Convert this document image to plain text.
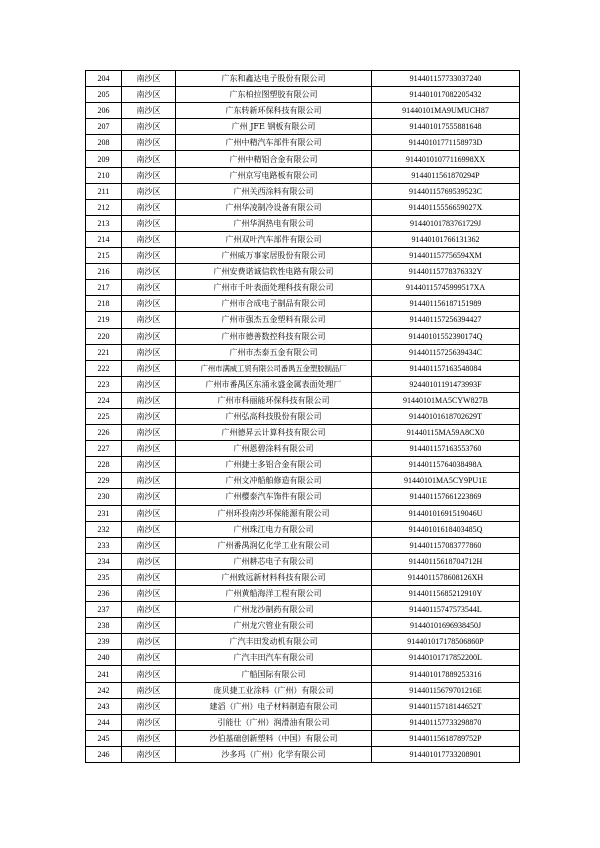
204	南沙区	广东和鑫达电子股份有限公司	914401157733037240
205	南沙区	广东柏拉图塑胶有限公司	914401017082205432
206	南沙区	广东转新环保科技有限公司	91440101MA9UMUCH87
207	南沙区	广州 JFE 钢板有限公司	914401017555881648
208	南沙区	广州中精汽车部件有限公司	91440101771158973D
209	南沙区	广州中精铝合金有限公司	91440101077116998XX
210	南沙区	广州京写电路板有限公司	9144011561870294P
211	南沙区	广州关西涂料有限公司	91440115769539523C
212	南沙区	广州华凌制冷设备有限公司	91440115556659027X
213	南沙区	广州华润热电有限公司	91440101783761729J
214	南沙区	广州双叶汽车部件有限公司	91440101766131362
215	南沙区	广州威万事家居股份有限公司	914401157756594XM
216	南沙区	广州安费诺诚信软性电路有限公司	91440115778376332Y
217	南沙区	广州市千叶表面处理科技有限公司	91440115745999517XA
218	南沙区	广州市合成电子制品有限公司	914401156187151989
219	南沙区	广州市强杰五金塑料有限公司	914401157256394427
220	南沙区	广州市德善数控科技有限公司	91440101552390174Q
221	南沙区	广州市杰泰五金有限公司	91440115725639434C
222	南沙区	广州市满威工贸有限公司番禺五金塑胶制品厂	914401157163548084
223	南沙区	广州市番禺区东涌永盛金属表面处理厂	92440101191473993F
224	南沙区	广州市科丽能环保科技有限公司	91440101MA5CYW827B
225	南沙区	广州弘高科技股份有限公司	91440101618702629T
226	南沙区	广州德昇云计算科技有限公司	91440115MA59A8CX0
227	南沙区	广州恩碧涂料有限公司	914401157163553760
228	南沙区	广州捷士多铝合金有限公司	91440115764038498A
229	南沙区	广州文冲船舶修造有限公司	91440101MA5CY9PU1E
230	南沙区	广州樱泰汽车饰件有限公司	914401157661223869
231	南沙区	广州环投南沙环保能源有限公司	91440101691519046U
232	南沙区	广州珠江电力有限公司	91440101618403485Q
233	南沙区	广州番禺润亿化学工业有限公司	914401157083777860
234	南沙区	广州耕芯电子有限公司	91440115618704712H
235	南沙区	广州致远新材料科技有限公司	91440115786081​26XH
236	南沙区	广州黄船海洋工程有限公司	91440115685212910Y
237	南沙区	广州龙沙制药有限公司	91440115747573544L
238	南沙区	广州龙穴管业有限公司	91440101696938450J
239	南沙区	广汽丰田发动机有限公司	914401017178506860P
240	南沙区	广汽丰田汽车有限公司	91440101717852200L
241	南沙区	广船国际有限公司	914401017889253316
242	南沙区	庞贝捷工业涂料（广州）有限公司	91440115679701216E
243	南沙区	建滔（广州）电子材料制造有限公司	91440115718144652T
244	南沙区	引能仕（广州）润滑油有限公司	914401157733298870
245	南沙区	沙伯基础创新塑料（中国）有限公司	91440115618789752P
246	南沙区	沙多玛（广州）化学有限公司	914401017733208901
